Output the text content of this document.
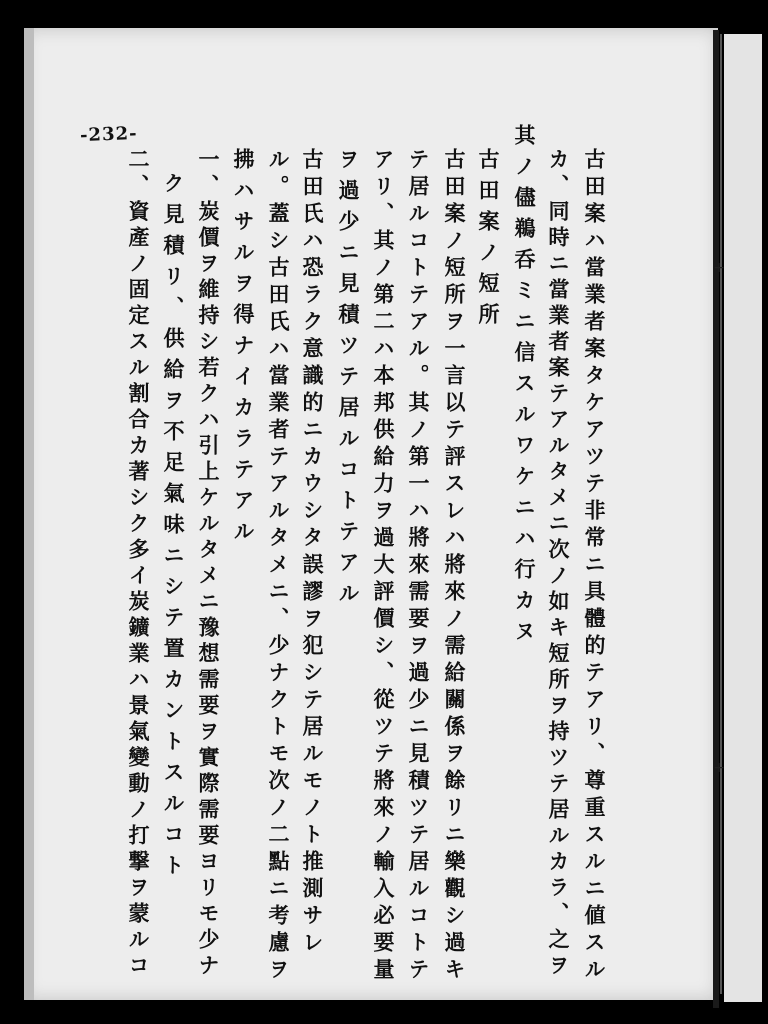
+
+
-232-
古田案ハ當業者案タケアツテ非常ニ具體的テアリ、尊重スルニ値スル
カ、同時ニ當業者案テアルタメニ次ノ如キ短所ヲ持ツテ居ルカラ、之ヲ
其ノ儘鵜呑ミニ信スルワケニハ行カヌ
古田案ノ短所
古田案ノ短所ヲ一言以テ評スレハ將來ノ需給關係ヲ餘リニ樂觀シ過キ
テ居ルコトテアル。其ノ第一ハ將來需要ヲ過少ニ見積ツテ居ルコトテ
アリ、其ノ第二ハ本邦供給力ヲ過大評價シ、從ツテ將來ノ輸入必要量
ヲ過少ニ見積ツテ居ルコトテアル
古田氏ハ恐ラク意識的ニカウシタ誤謬ヲ犯シテ居ルモノト推測サレ
ル。蓋シ古田氏ハ當業者テアルタメニ、少ナクトモ次ノ二點ニ考慮ヲ
拂ハサルヲ得ナイカラテアル
一、炭價ヲ維持シ若クハ引上ケルタメニ豫想需要ヲ實際需要ヨリモ少ナ
ク見積リ、供給ヲ不足氣味ニシテ置カントスルコト
二、資產ノ固定スル割合カ著シク多イ炭鑛業ハ景氣變動ノ打撃ヲ蒙ルコ
